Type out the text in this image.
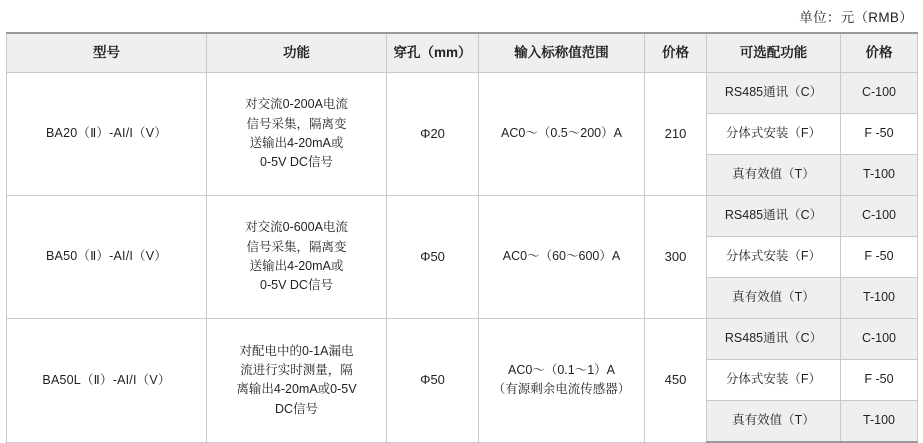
单位：元（RMB）
型号	功能	穿孔（mm）	输入标称值范围	价格	可选配功能	价格
BA20（Ⅱ）-AI/I（V）	对交流0-200A电流
信号采集，隔离变
送输出4-20mA或
0-5V DC信号	Φ20	AC0～（0.5～200）A	210	RS485通讯（C）	C-100
					分体式安装（F）	F -50
					真有效值（T）	T-100
BA50（Ⅱ）-AI/I（V）	对交流0-600A电流
信号采集，隔离变
送输出4-20mA或
0-5V DC信号	Φ50	AC0～（60～600）A	300	RS485通讯（C）	C-100
					分体式安装（F）	F -50
					真有效值（T）	T-100
BA50L（Ⅱ）-AI/I（V）	对配电中的0-1A漏电
流进行实时测量，隔
离输出4-20mA或0-5V
DC信号	Φ50	AC0～（0.1～1）A
（有源剩余电流传感器）	450	RS485通讯（C）	C-100
					分体式安装（F）	F -50
					真有效值（T）	T-100
